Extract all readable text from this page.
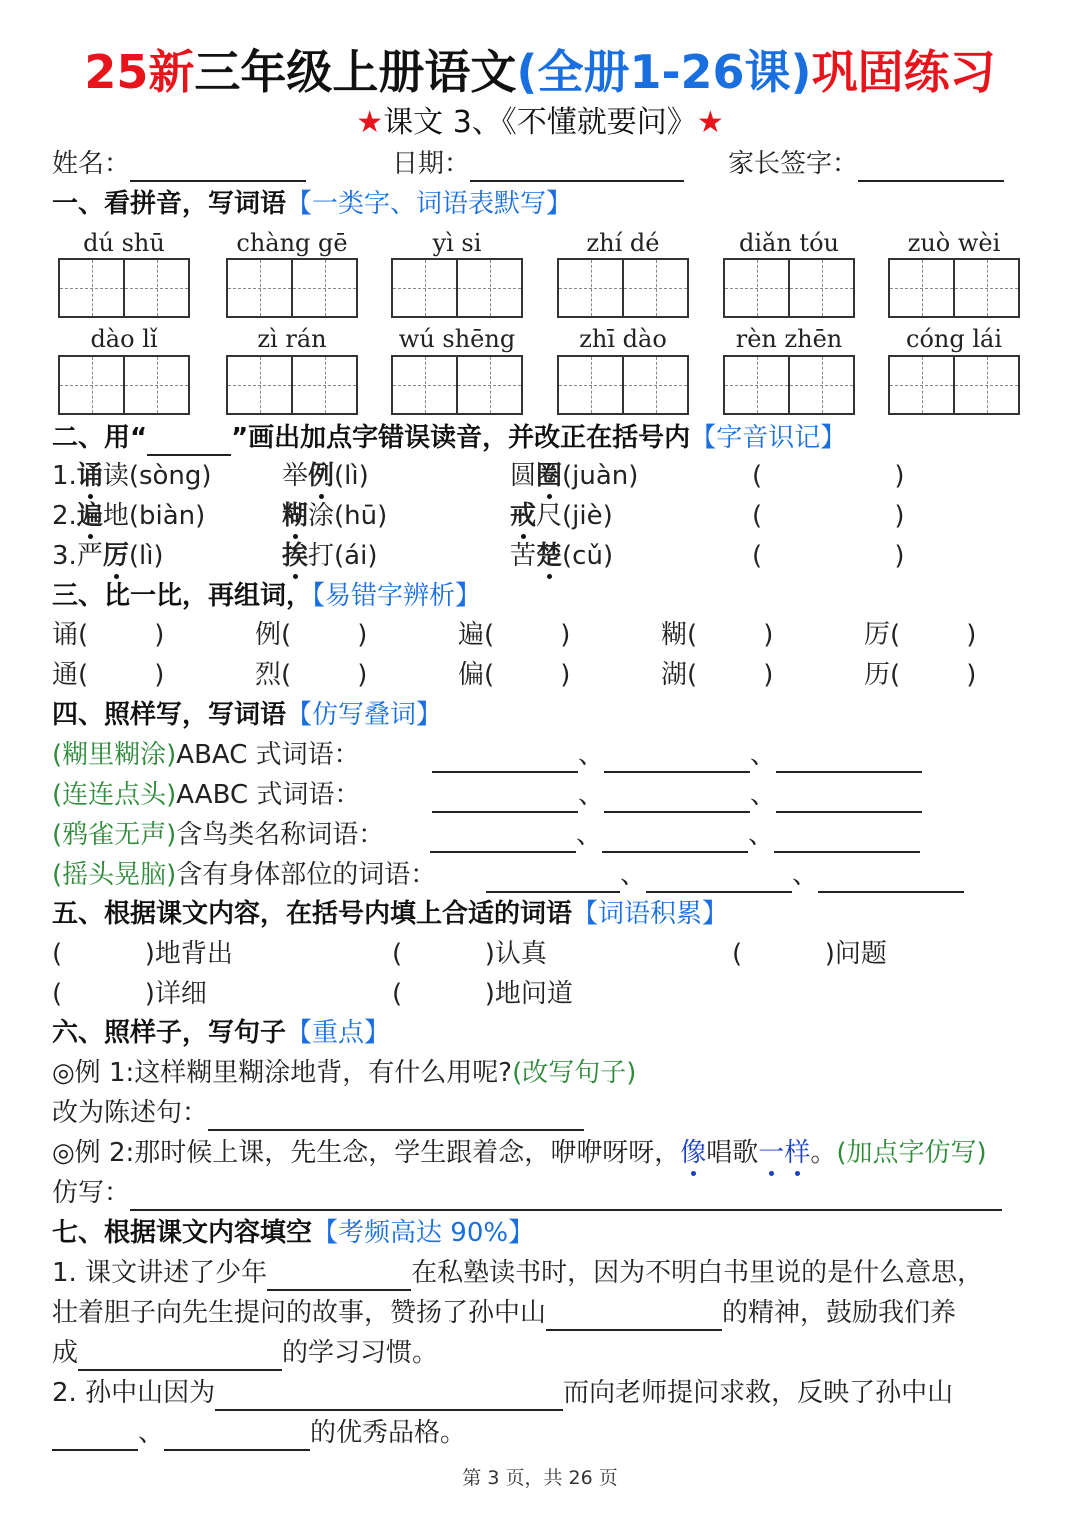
25新三年级上册语文(全册1-26课)巩固练习
★课文 3、《不懂就要问》★
姓名：	日期：	家长签字：
一、看拼音，写词语【一类字、词语表默写】
dú shū	chàng gē	yì si	zhí dé	diǎn tóu	zuò wèi
dào lǐ	zì rán	wú shēng	zhī dào	rèn zhēn	cóng lái
二、用“	”画出加点字错误读音，并改正在括号内【字音识记】
1.诵读(sòng)	举例(lì)	圆圈(juàn)	(                )
2.遍地(biàn)	糊涂(hū)	戒尺(jiè)	(                )
3.严厉(lì)	挨打(ái)	苦楚(cǔ)	(                )
三、比一比，再组词，【易错字辨析】
诵(        )	例(        )	遍(        )	糊(        )	厉(        )
通(        )	烈(        )	偏(        )	湖(        )	历(        )
四、照样写，写词语【仿写叠词】
(糊里糊涂)ABAC 式词语：	、	、
(连连点头)AABC 式词语：	、	、
(鸦雀无声)含鸟类名称词语：	、	、
(摇头晃脑)含有身体部位的词语：	、	、
五、根据课文内容，在括号内填上合适的词语【词语积累】
(          )地背出	(          )认真	(          )问题
(          )详细	(          )地问道
六、照样子，写句子【重点】
◎例 1:这样糊里糊涂地背，有什么用呢?(改写句子)
改为陈述句：
◎例 2:那时候上课，先生念，学生跟着念，咿咿呀呀，像唱歌一样。(加点字仿写)
仿写：
七、根据课文内容填空【考频高达 90%】
1. 课文讲述了少年	在私塾读书时，因为不明白书里说的是什么意思，
壮着胆子向先生提问的故事，赞扬了孙中山	的精神，鼓励我们养
成	的学习习惯。
2. 孙中山因为	而向老师提问求救，反映了孙中山
、	的优秀品格。
第 3 页，共 26 页
